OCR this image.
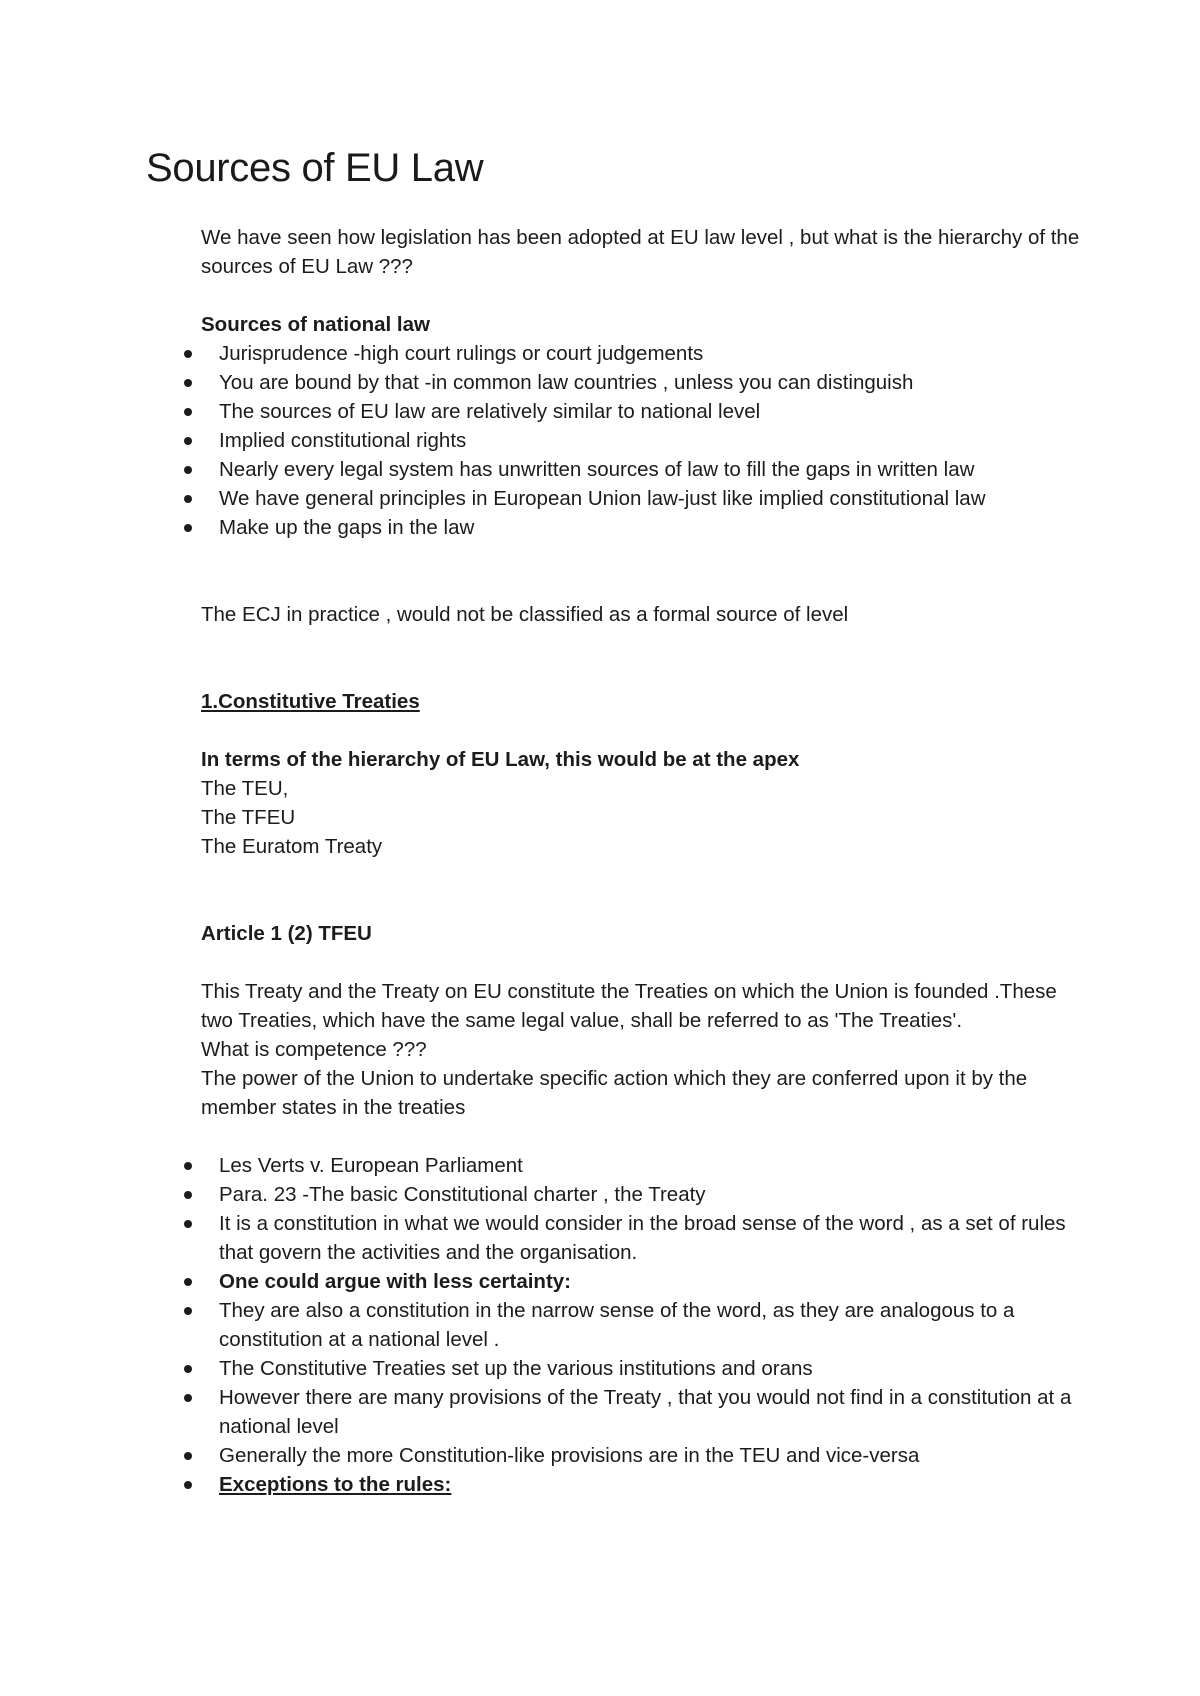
Sources of EU Law

We have seen how legislation has been adopted at EU law level , but what is the hierarchy of the sources of EU Law ???

Sources of national law

Jurisprudence -high court rulings or court judgements
You are bound by that -in common law countries , unless you can distinguish
The sources of EU law are relatively similar to national level
Implied constitutional rights
Nearly every legal system has unwritten sources of law to fill the gaps in written law
We have general principles in European Union law-just like implied constitutional law
Make up the gaps in the law

The ECJ in practice , would not be classified as a formal source of level

1.Constitutive Treaties

In terms of the hierarchy of EU Law, this would be at the apex

The TEU,

The TFEU

The Euratom Treaty

Article 1 (2) TFEU

This Treaty and the Treaty on EU constitute the Treaties on which the Union is founded .These two Treaties, which have the same legal value, shall be referred to as 'The Treaties'.

What is competence ???

The power of the Union to undertake specific action which they are conferred upon it by the member states in the treaties

Les Verts v. European Parliament
Para. 23 -The basic Constitutional charter , the Treaty
It is a constitution in what we would consider in the broad sense of the word , as a set of rules that govern the activities and the organisation.
One could argue with less certainty:
They are also a constitution in the narrow sense of the word, as they are analogous to a constitution at a national level .
The Constitutive Treaties set up the various institutions and orans
However there are many provisions of the Treaty , that you would not find in a constitution at a national level
Generally the more Constitution-like provisions are in the TEU and vice-versa
Exceptions to the rules:
